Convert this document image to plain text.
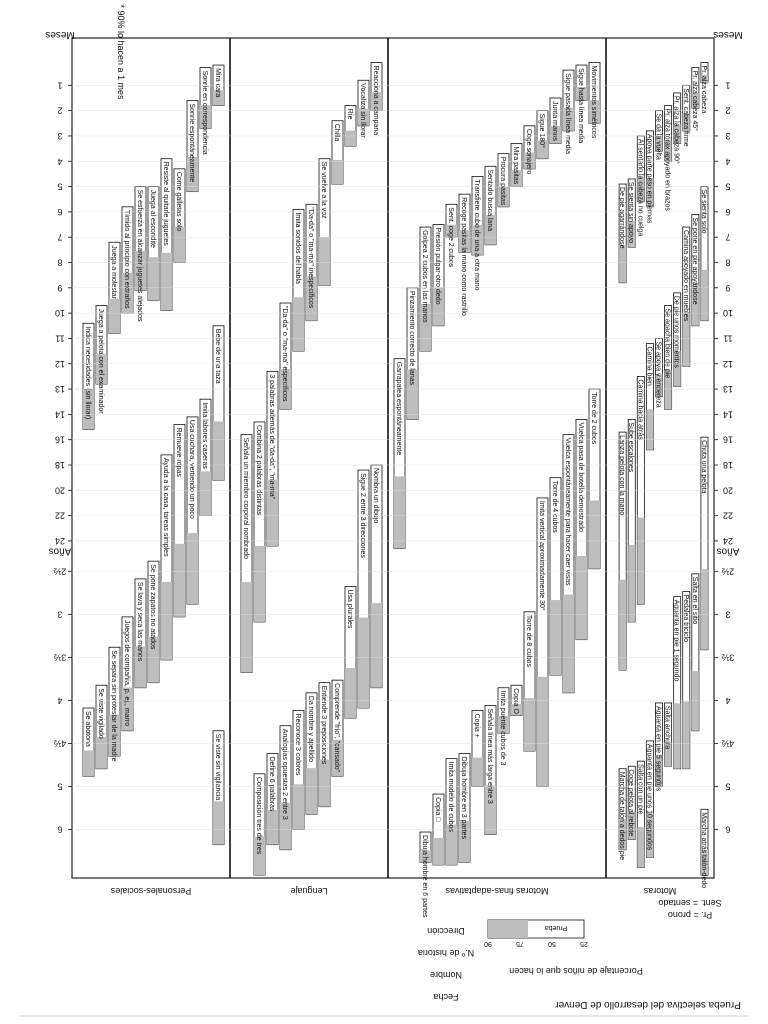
Mira cara
Sonríe en correspondencia
Sonríe espontáneamente
Come galletas solo
Resiste al quitarle juguetes
Juega al escondite
Se esfuerza en alcanzar juguetes alejados
Tímido al principio con extraños
Juega a molestar
Juega a pelota con el examinador
Indica necesidades (sin llorar)	Bebe de una taza
Imita labores caseras
Usa cuchara, vertiendo un poco
Remueve ropas
Ayuda a la casa, tareas simples
Se pone zapatos no atados
Se lava y seca las manos
Juegos de compañía, p. ej., marro
Se separa sin protestar de la madre
Se viste vigilado
Se abotona
Se viste sin vigilancia
Reacciona a campana
Vocaliza sin llorar
Ríe
Chilla
Se vuelve a la voz
"Da-da" o "ma-ma" inespecíficos
Imita sonidos del habla
"Da-da" o "ma-ma" específicos
3 palabras además de "da-da", "ma-ma"
Combina 2 palabras distintas
Señala un miembro corporal nombrado	Nombra un dibujo
Sigue 2 entre 3 direcciones
Usa plurales
Comprende "frío", "cansado"
Entiende 3 preposiciones
Da nombre y apellido
Reconoce 3 colores
Analogías opuestas 2 entre 3
Define 6 palabras
Composición tres de tres
Movimientos simétricos
Sigue hasta línea media
Sigue pasada línea media
Junta manos
Sigue 180°
Coge sonajero
Mira pasitas
Procura pasitas
Sentado busca lana
Transfiere cubo de una a otra mano
Recoge pasitas la mano como rastrillo
Sent. coge 2 cubos
Presión pulgar-otro dedo
Golpea 2 cubos en las manos
Pinzamiento correcto de lanas
Garrapatea espontáneamente	Torre de 2 cubos
Vuelca pasa de botella demostrado
Vuelca espontáneamente para hacer caer visas
Torre de 4 cubos
Imita vertical aproximadamente 30°
Torre de 8 cubos
Copia O
Imita puente cubos de 3
Señala línea más larga entre 3
Copia +
Dibuja hombre en 3 partes
Imita modelo de cubos
Copia □
Dibuja hombre en 6 partes
Pr. alza cabeza
Pr. alza cabeza 45°
Sent. cabeza firme
Pr. alza la cabeza 90°
Pr. alza tórax apoyado en brazos
Se da la vuelta
Apoya parte peso en piernas
Al sentarlo la cabeza no cuelga
Se sienta sin apoyo
De pie agarrándose	Se sienta solo
Se pone en pie apoyándose
Camina apoyado en muebles
De pie unos momentos
Se agacha bien de pie
Se apoya y endereza
Camina bien
Camina hacia atrás
Sube escalones
Lanza pelota con la mano	Chuta una pelota
Salta en el sitio
Pedalea triciclo
Aguanta en pie 1 segundo
Salta anchura
Aguanta en pie 5 segundos
Aguanta en pie unos 10 segundos
Salta con un pie
Coge pelota al rebote
Marcha de talón a dedos pie	Marcha atrás talón-dedo
1	1
2	2
3	3
4	4
5	5
6	6
7	7
8	8
9	9
10	10
11	11
12	12
13	13
14	14
16	16
18	18
20	20
22	22
24	24
2½	2½
3	3
3½	3½
4	4
4½	4½
5	5
6	6
Meses	Meses
Años	Años
Personales-sociales	Lenguaje	Motoras finas-adaptativas	Motoras
* 90% lo hacen a 1 mes
Prueba selectiva del desarrollo de Denver
Porcentaje de niños que lo hacen
Prueba
25
50
75
90
Fecha
Nombre
N.º de historia
Dirección
Pr. = prono
Sent. = sentado
